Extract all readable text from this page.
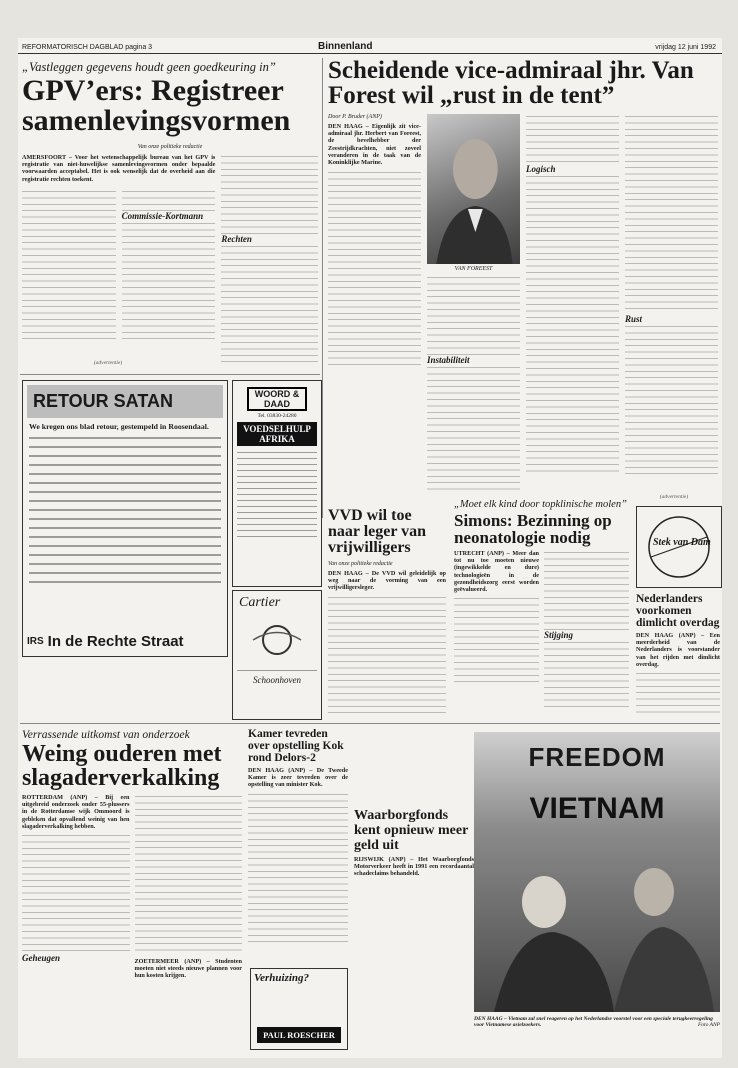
REFORMATORISCH DAGBLAD pagina 3	Binnenland	vrijdag 12 juni 1992
„Vastleggen gegevens houdt geen goedkeuring in”
GPV’ers: Registreer samenlevingsvormen
Van onze politieke redactie
AMERSFOORT – Voor het wetenschappelijk bureau van het GPV is registratie van niet-huwelijkse samenlevingsvormen onder bepaalde voorwaarden acceptabel. Het is ook wenselijk dat de overheid aan die registratie rechten toekent.
Commissie-Kortmann
Rechten
Scheidende vice-admiraal jhr. Van Forest wil „rust in de tent”
Door P. Bruder (ANP)
DEN HAAG – Eigenlijk zit vice-admiraal jhr. Herbert van Foreest, de bevelhebber der Zeestrijdkrachten, niet zoveel veranderen in de taak van de Koninklijke Marine.
VAN FOREEST
Instabiliteit
Logisch
Rust
(advertentie)
RETOUR SATAN
We kregen ons blad retour, gestempeld in Roosendaal.
IRS In de Rechte Straat
WOORD & DAAD
Tel. 03830-24280
VOEDSELHULP AFRIKA
Cartier
Schoonhoven
VVD wil toe naar leger van vrijwilligers
Van onze politieke redactie
DEN HAAG – De VVD wil geleidelijk op weg naar de vorming van een vrijwilligersleger.
„Moet elk kind door topklinische molen”
Simons: Bezinning op neonatologie nodig
UTRECHT (ANP) – Meer dan tot nu toe moeten nieuwe (ingewikkelde en dure) technologieën in de gezondheidszorg eerst worden geëvalueerd.
Stijging
(advertentie)
Stek van Dam
Nederlanders voorkomen dimlicht overdag
DEN HAAG (ANP) – Een meerderheid van de Nederlanders is voorstander van het rijden met dimlicht overdag.
Verrassende uitkomst van onderzoek
Weing ouderen met slagaderverkalking
ROTTERDAM (ANP) – Bij een uitgebreid onderzoek onder 55-plussers in de Rotterdamse wijk Ommoord is gebleken dat opvallend weinig van hen slagaderverkalking hebben.
Geheugen	ZOETERMEER (ANP) – Studenten moeten niet steeds nieuwe plannen voor hun kosten krijgen.
Kamer tevreden over opstelling Kok rond Delors-2
DEN HAAG (ANP) – De Tweede Kamer is zeer tevreden over de opstelling van minister Kok.
Verhuizing?
PAUL ROESCHER
Waarborgfonds kent opnieuw meer geld uit
RIJSWIJK (ANP) – Het Waarborgfonds Motorverkeer heeft in 1991 een recordaantal schadeclaims behandeld.
FREEDOM
VIETNAM
DEN HAAG – Vietnam zal snel reageren op het Nederlandse voorstel voor een speciale terugkeerregeling voor Vietnamese asielzoekers.	Foto ANP
